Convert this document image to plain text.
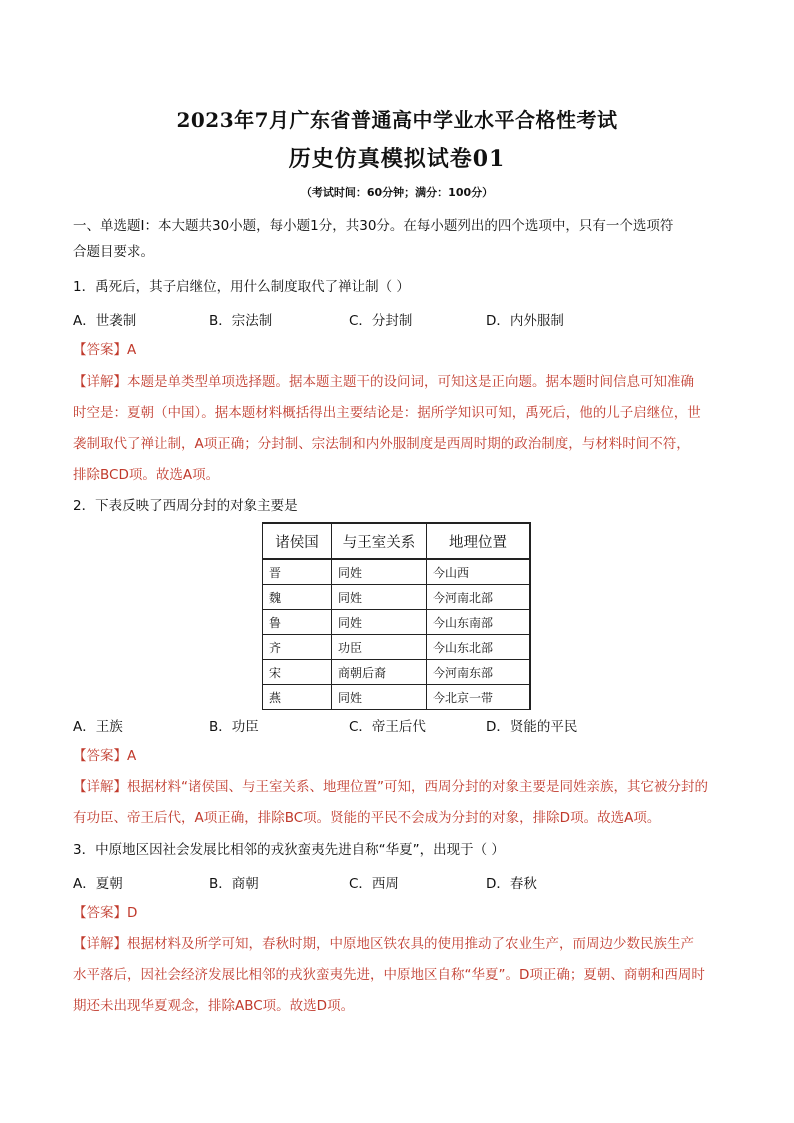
2023年7月广东省普通高中学业水平合格性考试
历史仿真模拟试卷01
（考试时间：60分钟；满分：100分）
一、单选题Ⅰ：本大题共30小题，每小题1分，共30分。在每小题列出的四个选项中，只有一个选项符
合题目要求。
1．禹死后，其子启继位，用什么制度取代了禅让制（ ）
A．世袭制	B．宗法制	C．分封制	D．内外服制
【答案】A
【详解】本题是单类型单项选择题。据本题主题干的设问词，可知这是正向题。据本题时间信息可知准确
时空是：夏朝（中国）。据本题材料概括得出主要结论是：据所学知识可知，禹死后，他的儿子启继位，世
袭制取代了禅让制，A项正确；分封制、宗法制和内外服制度是西周时期的政治制度，与材料时间不符，
排除BCD项。故选A项。
2．下表反映了西周分封的对象主要是
诸侯国	与王室关系	地理位置
晋	同姓	今山西
魏	同姓	今河南北部
鲁	同姓	今山东南部
齐	功臣	今山东北部
宋	商朝后裔	今河南东部
燕	同姓	今北京一带
A．王族	B．功臣	C．帝王后代	D．贤能的平民
【答案】A
【详解】根据材料“诸侯国、与王室关系、地理位置”可知，西周分封的对象主要是同姓亲族，其它被分封的
有功臣、帝王后代，A项正确，排除BC项。贤能的平民不会成为分封的对象，排除D项。故选A项。
3．中原地区因社会发展比相邻的戎狄蛮夷先进自称“华夏”，出现于（ ）
A．夏朝	B．商朝	C．西周	D．春秋
【答案】D
【详解】根据材料及所学可知，春秋时期，中原地区铁农具的使用推动了农业生产，而周边少数民族生产
水平落后，因社会经济发展比相邻的戎狄蛮夷先进，中原地区自称“华夏”。D项正确；夏朝、商朝和西周时
期还未出现华夏观念，排除ABC项。故选D项。
